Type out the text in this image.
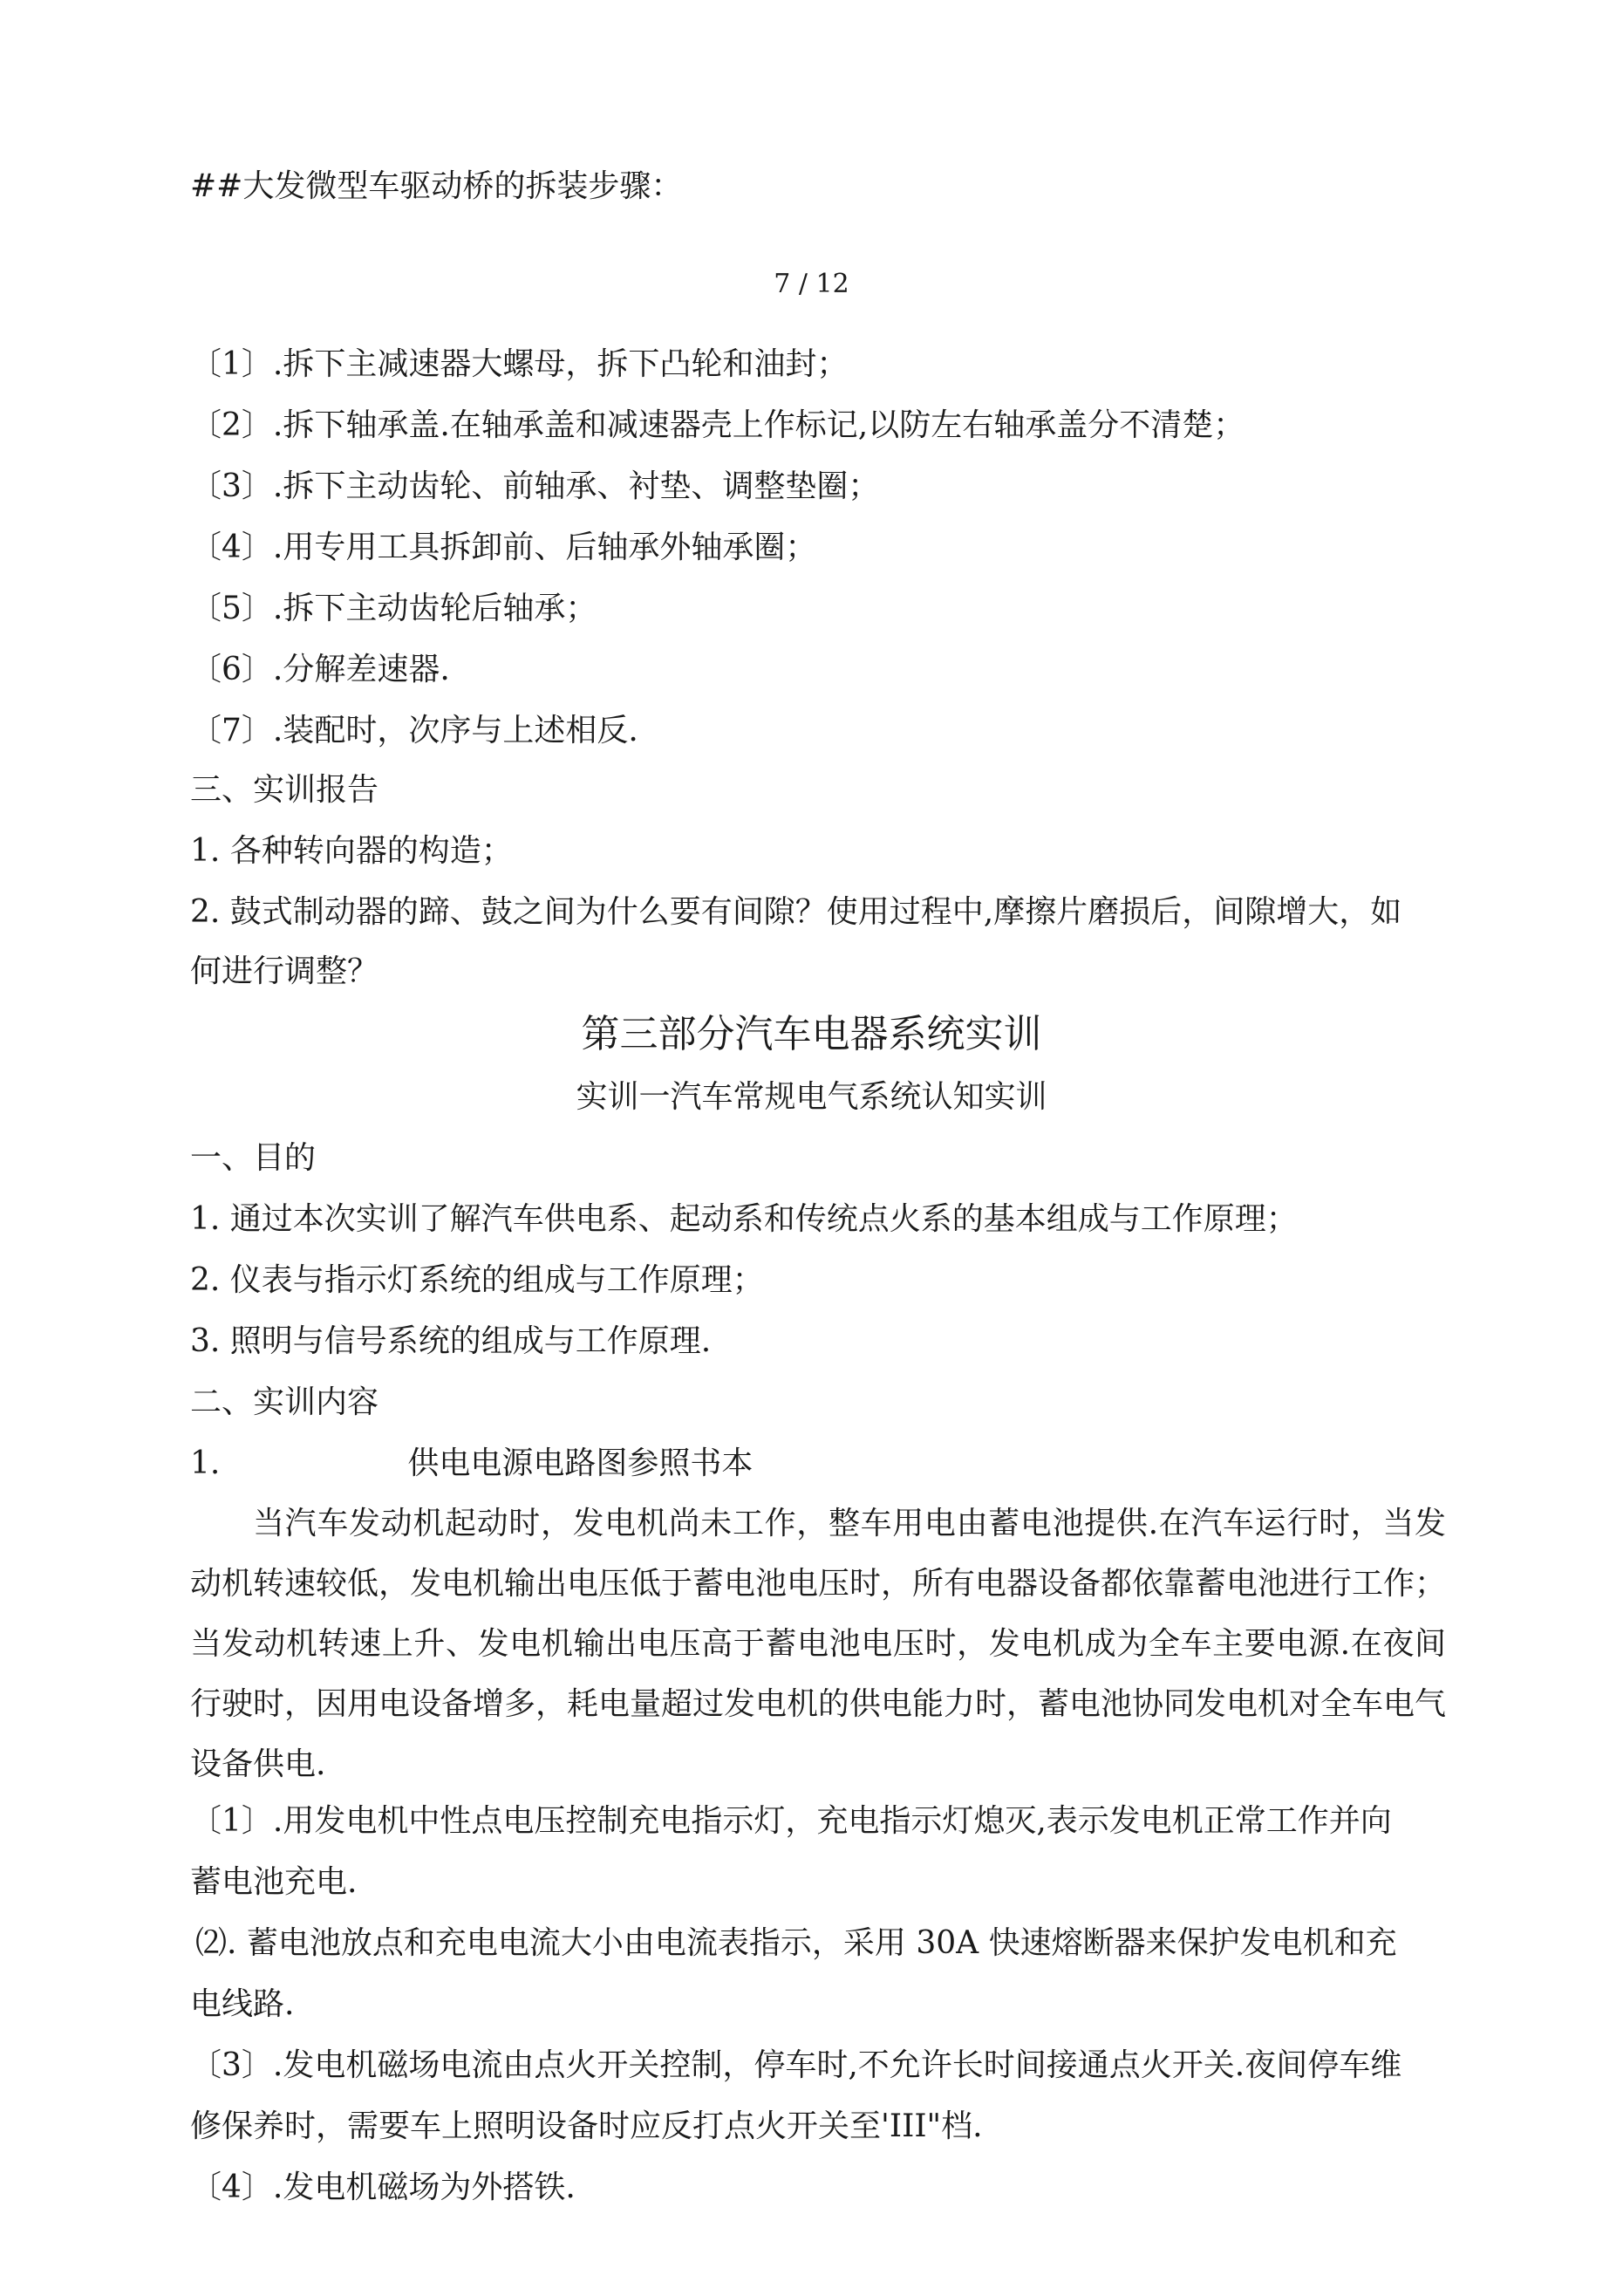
##大发微型车驱动桥的拆装步骤：
7 / 12
〔1〕.拆下主减速器大螺母，拆下凸轮和油封；
〔2〕.拆下轴承盖.在轴承盖和减速器壳上作标记,以防左右轴承盖分不清楚；
〔3〕.拆下主动齿轮、前轴承、衬垫、调整垫圈；
〔4〕.用专用工具拆卸前、后轴承外轴承圈；
〔5〕.拆下主动齿轮后轴承；
〔6〕.分解差速器.
〔7〕.装配时，次序与上述相反.
三、实训报告
1. 各种转向器的构造；
2. 鼓式制动器的蹄、鼓之间为什么要有间隙？使用过程中,摩擦片磨损后，间隙增大，如
何进行调整？
第三部分汽车电器系统实训
实训一汽车常规电气系统认知实训
一、目的
1. 通过本次实训了解汽车供电系、起动系和传统点火系的基本组成与工作原理；
2. 仪表与指示灯系统的组成与工作原理；
3. 照明与信号系统的组成与工作原理.
二、实训内容
1.	供电电源电路图参照书本
当汽车发动机起动时，发电机尚未工作，整车用电由蓄电池提供.在汽车运行时，当发动机转速较低，发电机输出电压低于蓄电池电压时，所有电器设备都依靠蓄电池进行工作；当发动机转速上升、发电机输出电压高于蓄电池电压时，发电机成为全车主要电源.在夜间行驶时，因用电设备增多，耗电量超过发电机的供电能力时，蓄电池协同发电机对全车电气设备供电.
〔1〕.用发电机中性点电压控制充电指示灯，充电指示灯熄灭,表示发电机正常工作并向
蓄电池充电.
⑵. 蓄电池放点和充电电流大小由电流表指示，采用 30A 快速熔断器来保护发电机和充
电线路.
〔3〕.发电机磁场电流由点火开关控制，停车时,不允许长时间接通点火开关.夜间停车维
修保养时，需要车上照明设备时应反打点火开关至'III"档.
〔4〕.发电机磁场为外搭铁.
